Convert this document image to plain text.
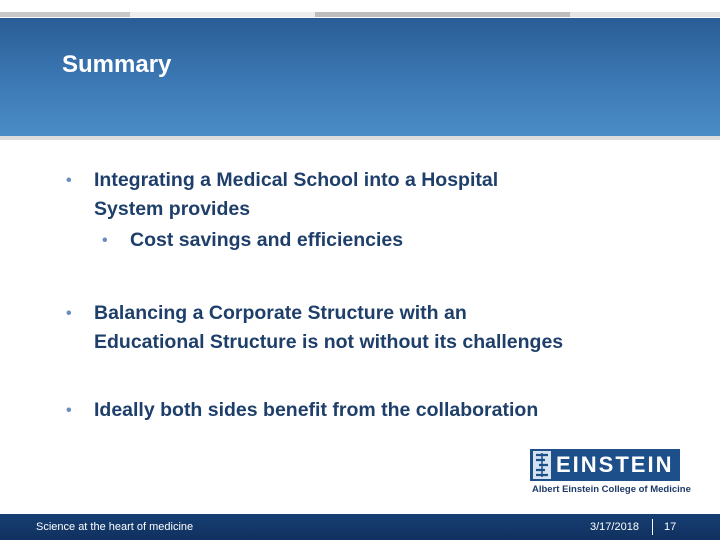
Summary
• Integrating a Medical School into a Hospital
System provides
• Cost savings and efficiencies
• Balancing a Corporate Structure with an
Educational Structure is not without its challenges
• Ideally both sides benefit from the collaboration
EINSTEIN
Albert Einstein College of Medicine
Science at the heart of medicine	3/17/2018 17
